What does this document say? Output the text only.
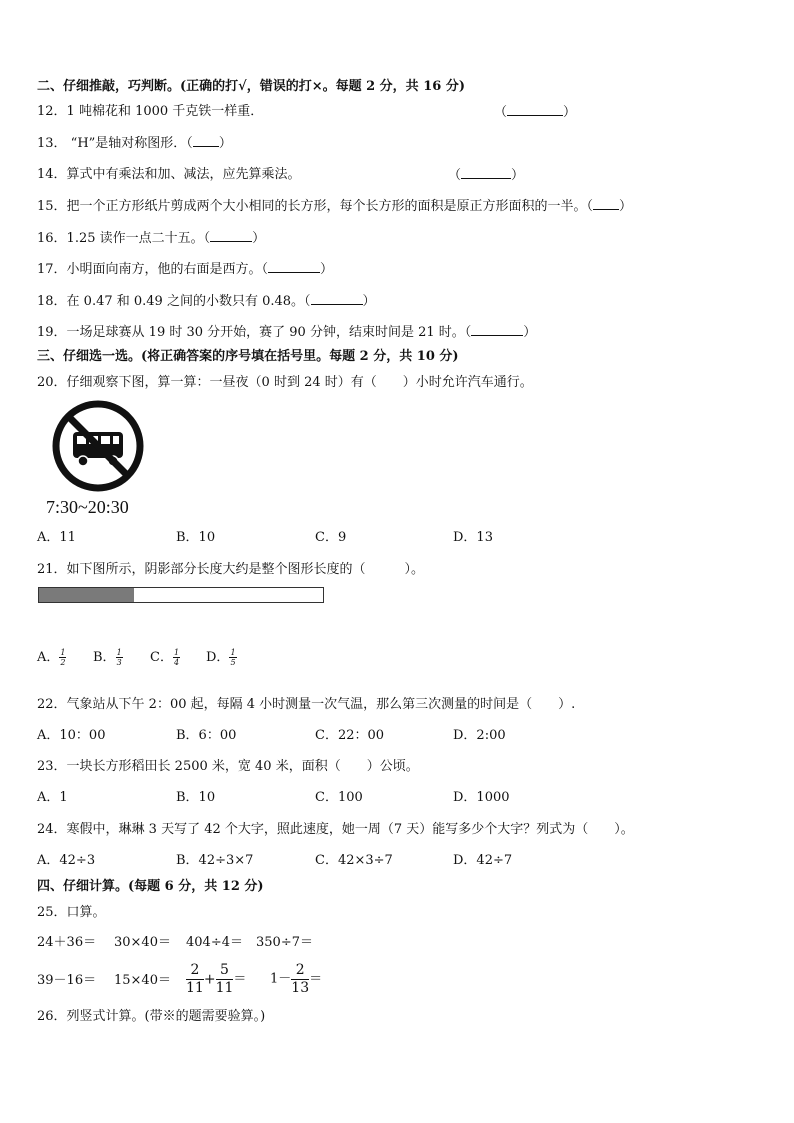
二、仔细推敲，巧判断。(正确的打√，错误的打×。每题 2 分，共 16 分)
12．1 吨棉花和 1000 千克铁一样重．	（	）
13． “H”是轴对称图形．（ ）
14．算式中有乘法和加、减法，应先算乘法。	（	）
15．把一个正方形纸片剪成两个大小相同的长方形，每个长方形的面积是原正方形面积的一半。（ ）
16．1.25 读作一点二十五。（	）
17．小明面向南方，他的右面是西方。（	）
18．在 0.47 和 0.49 之间的小数只有 0.48。（	）
19．一场足球赛从 19 时 30 分开始，赛了 90 分钟，结束时间是 21 时。（	）
三、仔细选一选。(将正确答案的序号填在括号里。每题 2 分，共 10 分)
20．仔细观察下图，算一算：一昼夜（0 时到 24 时）有（　　）小时允许汽车通行。
7:30~20:30
A．11	B．10	C．9	D．13
21．如下图所示，阴影部分长度大约是整个图形长度的（　　　）。
A． $\frac{1}{2}$ B． $\frac{1}{3}$ C． $\frac{1}{4}$ D． $\frac{1}{5}$
22．气象站从下午 2：00 起，每隔 4 小时测量一次气温，那么第三次测量的时间是（　　）.
A．10：00	B．6：00	C．22：00	D．2:00
23．一块长方形稻田长 2500 米，宽 40 米，面积（　　）公顷。
A．1	B．10	C．100	D．1000
24．寒假中，琳琳 3 天写了 42 个大字，照此速度，她一周（7 天）能写多少个大字？列式为（　　）。
A．42÷3	B．42÷3×7	C．42×3÷7	D．42÷7
四、仔细计算。(每题 6 分，共 12 分)
25．口算。
24＋36＝ 30×40＝ 404÷4＝ 350÷7＝
$39-16= 15\times 40= \frac{2}{11} + \frac{5}{11} = 1- \frac{2}{13}$ ＝
26．列竖式计算。(带※的题需要验算。)
